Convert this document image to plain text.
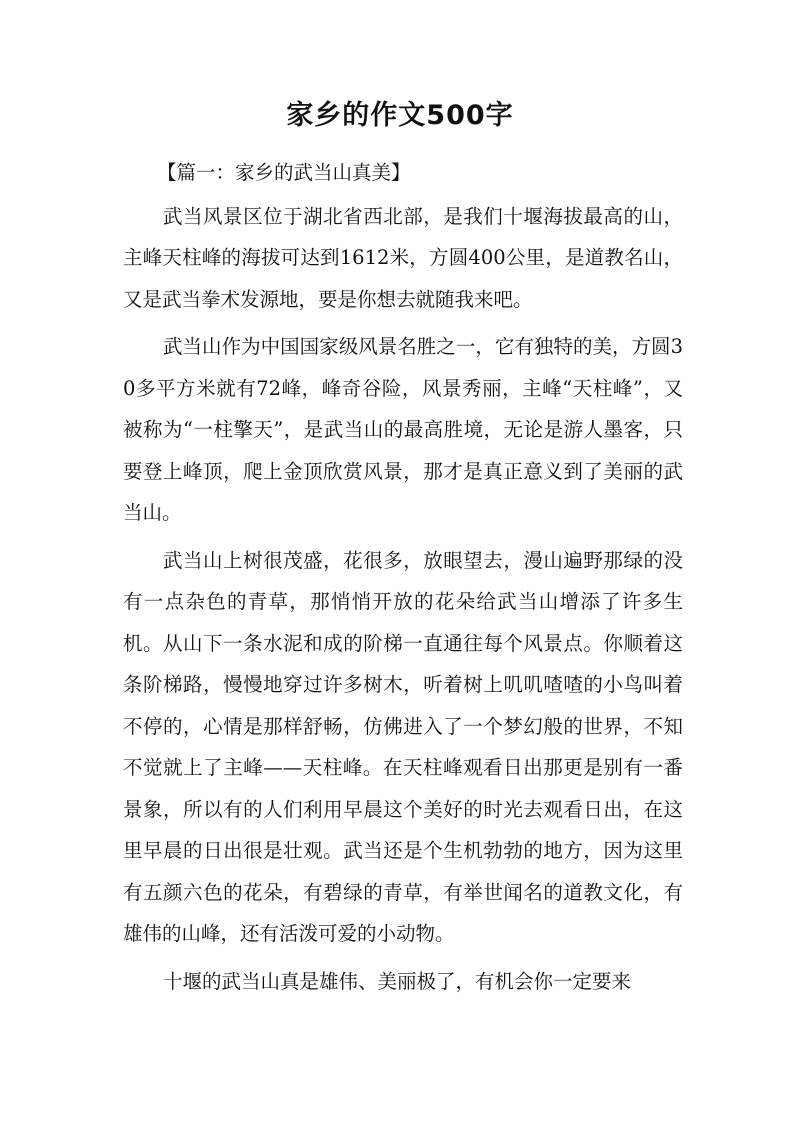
家乡的作文500字

【篇一：家乡的武当山真美】

武当风景区位于湖北省西北部，是我们十堰海拔最高的山，主峰天柱峰的海拔可达到1612米，方圆400公里，是道教名山，又是武当拳术发源地，要是你想去就随我来吧。

武当山作为中国国家级风景名胜之一，它有独特的美，方圆30多平方米就有72峰，峰奇谷险，风景秀丽，主峰“天柱峰”，又被称为“一柱擎天”，是武当山的最高胜境，无论是游人墨客，只要登上峰顶，爬上金顶欣赏风景，那才是真正意义到了美丽的武当山。

武当山上树很茂盛，花很多，放眼望去，漫山遍野那绿的没有一点杂色的青草，那悄悄开放的花朵给武当山增添了许多生机。从山下一条水泥和成的阶梯一直通往每个风景点。你顺着这条阶梯路，慢慢地穿过许多树木，听着树上叽叽喳喳的小鸟叫着不停的，心情是那样舒畅，仿佛进入了一个梦幻般的世界，不知不觉就上了主峰——天柱峰。在天柱峰观看日出那更是别有一番景象，所以有的人们利用早晨这个美好的时光去观看日出，在这里早晨的日出很是壮观。武当还是个生机勃勃的地方，因为这里有五颜六色的花朵，有碧绿的青草，有举世闻名的道教文化，有雄伟的山峰，还有活泼可爱的小动物。

十堰的武当山真是雄伟、美丽极了，有机会你一定要来
